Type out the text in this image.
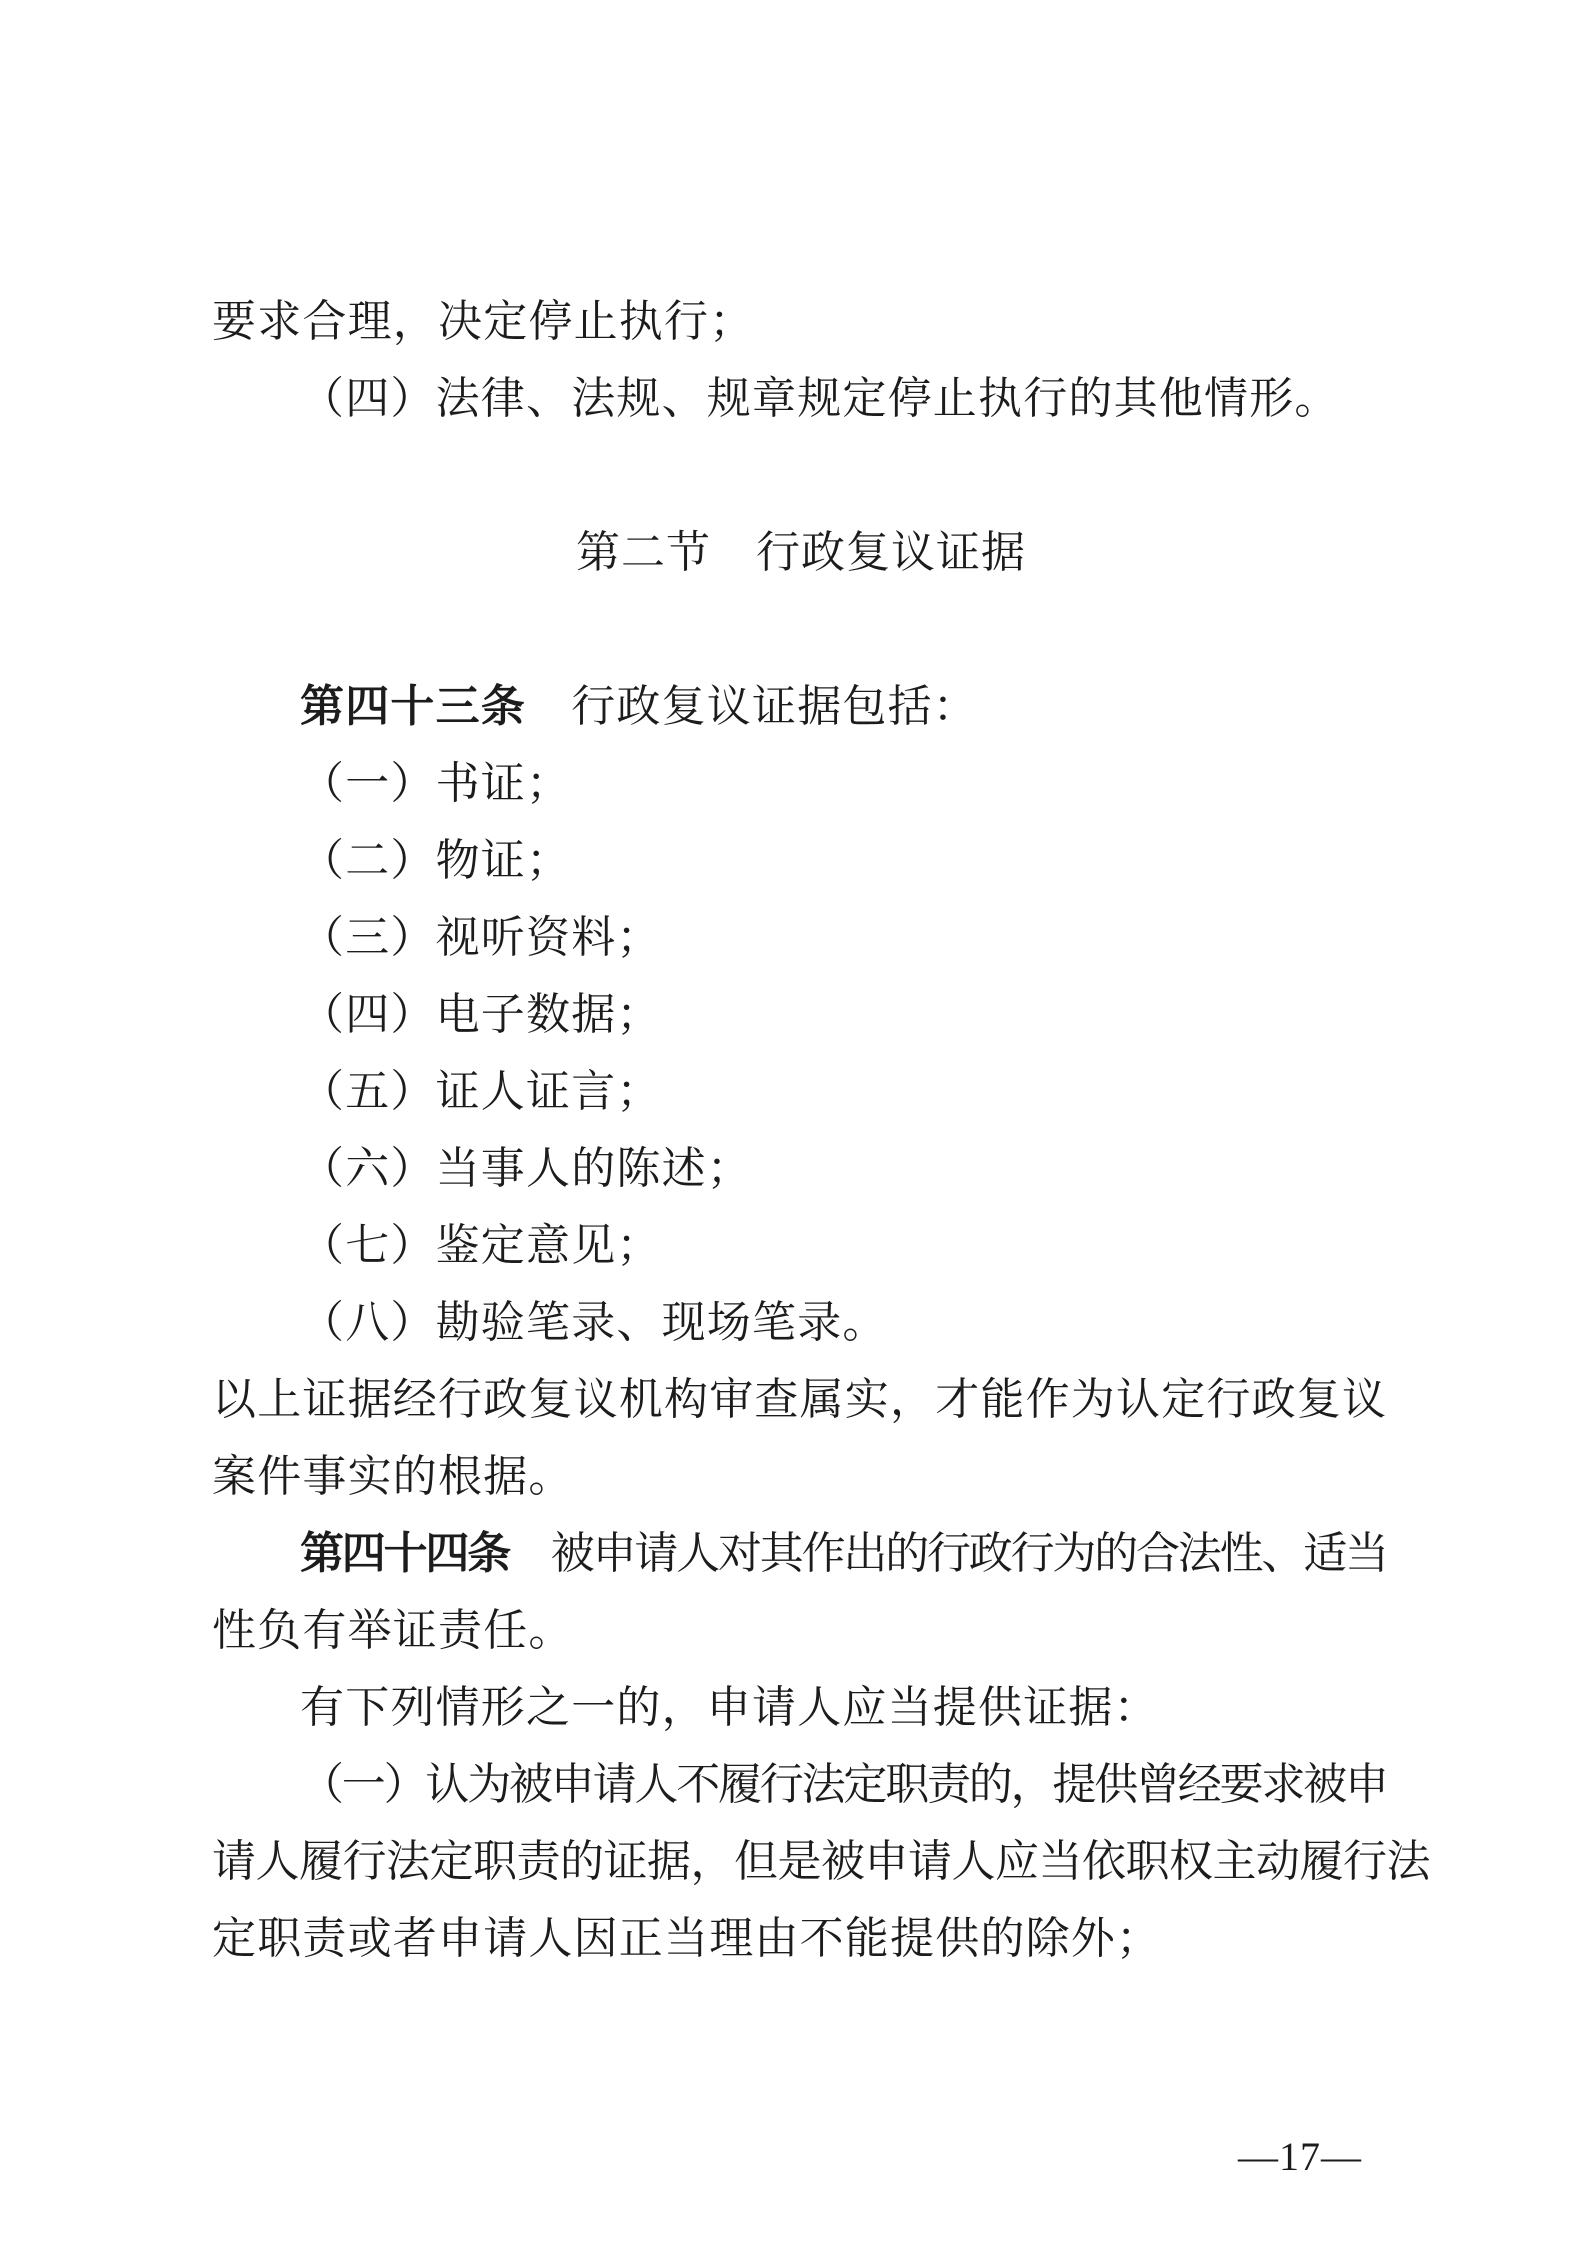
要求合理，决定停止执行；
（四）法律、法规、规章规定停止执行的其他情形。
第二节　行政复议证据
第四十三条　行政复议证据包括：
（一）书证；
（二）物证；
（三）视听资料；
（四）电子数据；
（五）证人证言；
（六）当事人的陈述；
（七）鉴定意见；
（八）勘验笔录、现场笔录。
以上证据经行政复议机构审查属实，才能作为认定行政复议
案件事实的根据。
第四十四条　被申请人对其作出的行政行为的合法性、适当
性负有举证责任。
有下列情形之一的，申请人应当提供证据：
（一）认为被申请人不履行法定职责的，提供曾经要求被申
请人履行法定职责的证据，但是被申请人应当依职权主动履行法
定职责或者申请人因正当理由不能提供的除外；
—17—
